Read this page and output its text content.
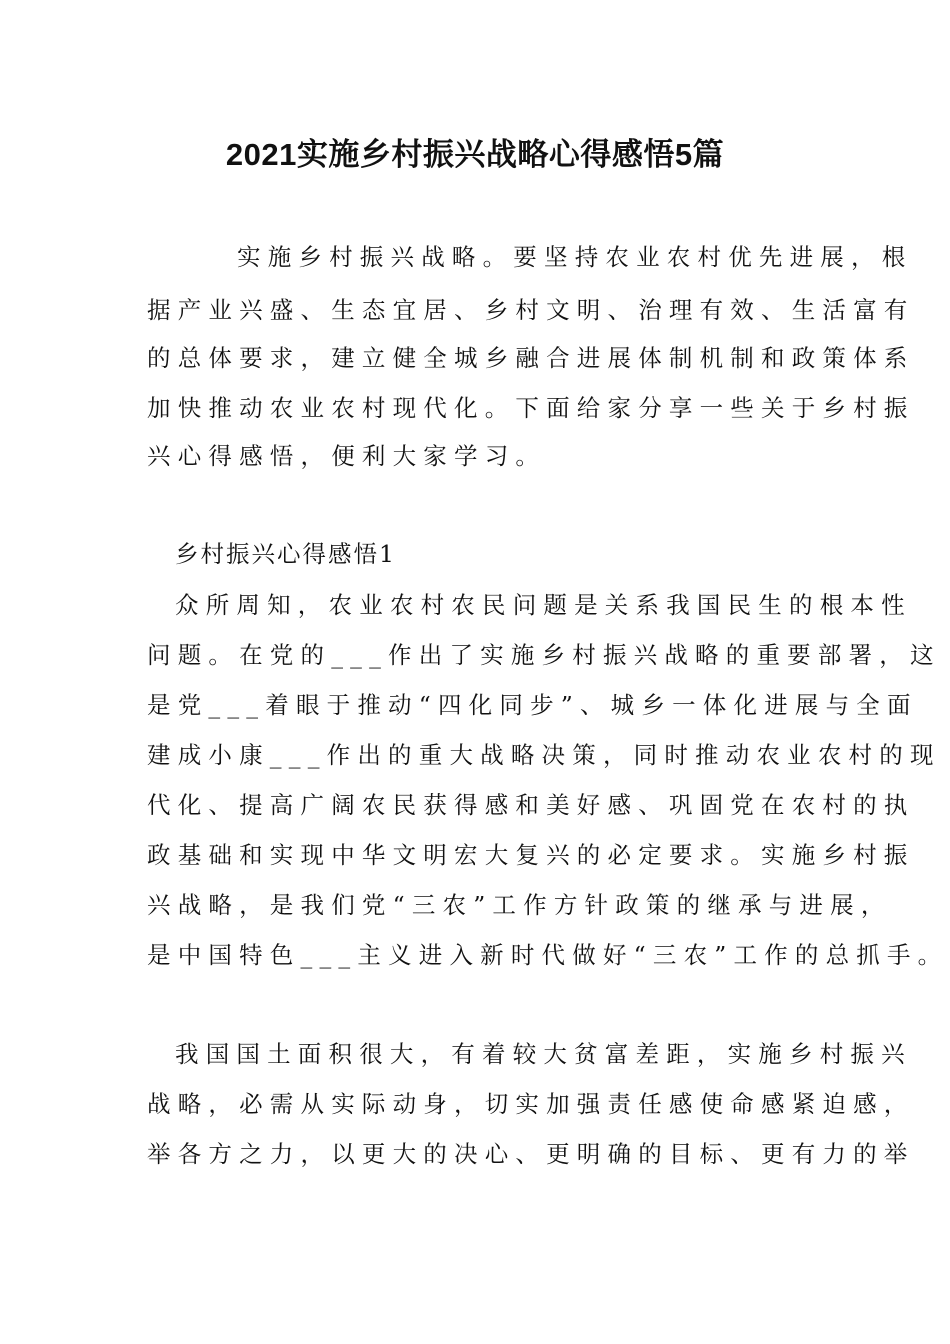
2021实施乡村振兴战略心得感悟5篇
实施乡村振兴战略。要坚持农业农村优先进展，根
据产业兴盛、生态宜居、乡村文明、治理有效、生活富有
的总体要求，建立健全城乡融合进展体制机制和政策体系
加快推动农业农村现代化。下面给家分享一些关于乡村振
兴心得感悟，便利大家学习。
乡村振兴心得感悟1
众所周知，农业农村农民问题是关系我国民生的根本性
问题。在党的___作出了实施乡村振兴战略的重要部署，这
是党___着眼于推动“四化同步”、城乡一体化进展与全面
建成小康___作出的重大战略决策，同时推动农业农村的现
代化、提高广阔农民获得感和美好感、巩固党在农村的执
政基础和实现中华文明宏大复兴的必定要求。实施乡村振
兴战略，是我们党“三农”工作方针政策的继承与进展，
是中国特色___主义进入新时代做好“三农”工作的总抓手。
我国国土面积很大，有着较大贫富差距，实施乡村振兴
战略，必需从实际动身，切实加强责任感使命感紧迫感，
举各方之力，以更大的决心、更明确的目标、更有力的举
